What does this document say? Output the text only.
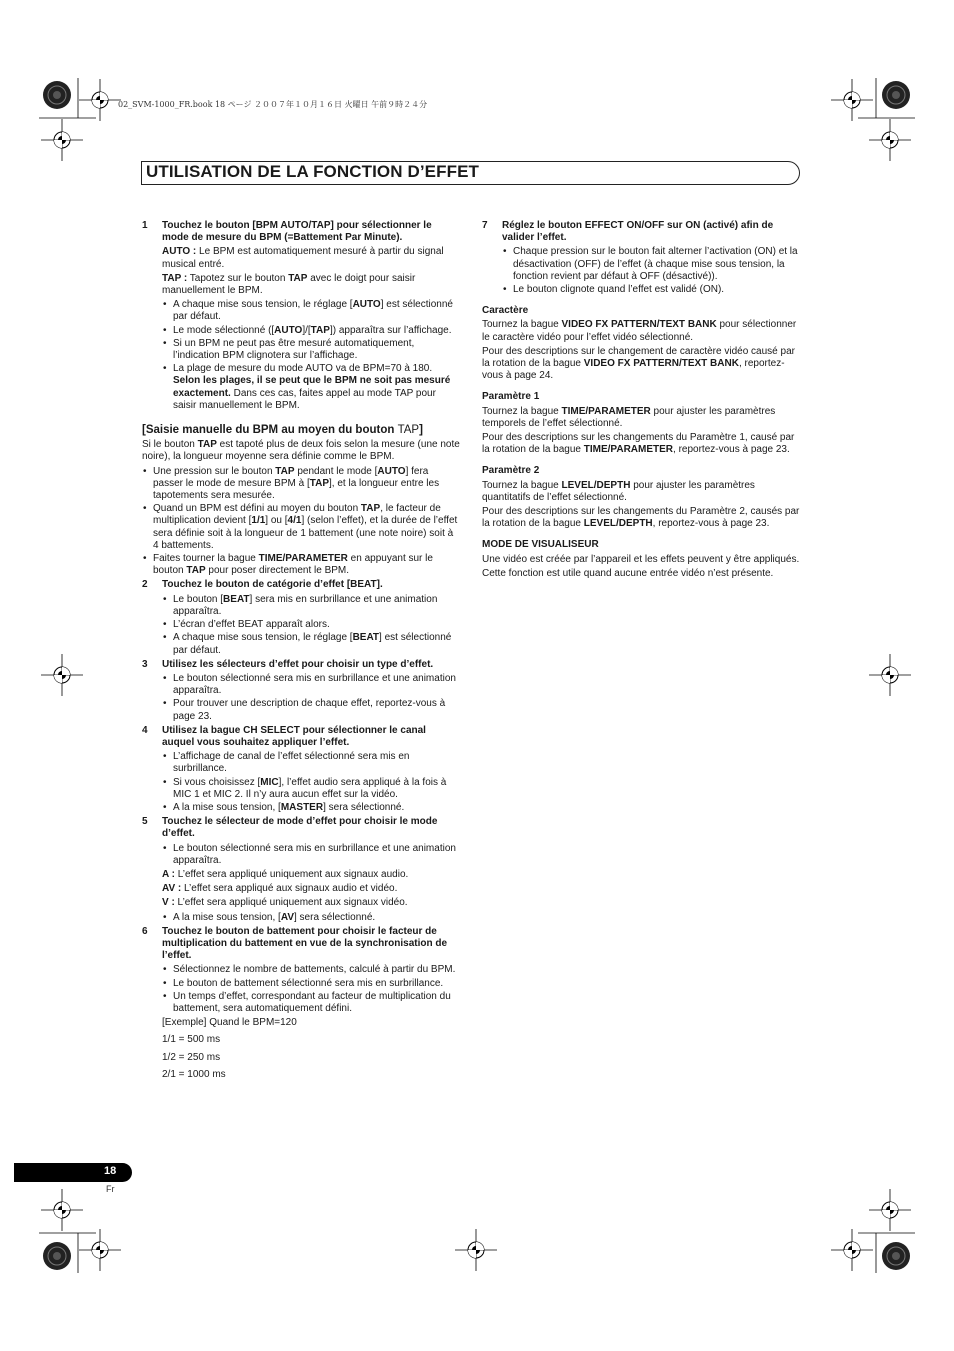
02_SVM-1000_FR.book 18 ページ ２００７年１０月１６日 火曜日 午前９時２４分
UTILISATION DE LA FONCTION D’EFFET
1 Touchez le bouton [BPM AUTO/TAP] pour sélectionner le mode de mesure du BPM (=Battement Par Minute).

AUTO : Le BPM est automatiquement mesuré à partir du signal musical entré.

TAP : Tapotez sur le bouton TAP avec le doigt pour saisir manuellement le BPM.

• A chaque mise sous tension, le réglage [AUTO] est sélectionné par défaut.
• Le mode sélectionné ([AUTO]/[TAP]) apparaîtra sur l’affichage.
• Si un BPM ne peut pas être mesuré automatiquement, l’indication BPM clignotera sur l’affichage.
• La plage de mesure du mode AUTO va de BPM=70 à 180. Selon les plages, il se peut que le BPM ne soit pas mesuré exactement. Dans ces cas, faites appel au mode TAP pour saisir manuellement le BPM.
[Saisie manuelle du BPM au moyen du bouton TAP]

Si le bouton TAP est tapoté plus de deux fois selon la mesure (une note noire), la longueur moyenne sera définie comme le BPM.

• Une pression sur le bouton TAP pendant le mode [AUTO] fera passer le mode de mesure BPM à [TAP], et la longueur entre les tapotements sera mesurée.
• Quand un BPM est défini au moyen du bouton TAP, le facteur de multiplication devient [1/1] ou [4/1] (selon l’effet), et la durée de l’effet sera définie soit à la longueur de 1 battement (une note noire) soit à 4 battements.
• Faites tourner la bague TIME/PARAMETER en appuyant sur le bouton TAP pour poser directement le BPM.
2 Touchez le bouton de catégorie d’effet [BEAT].
• Le bouton [BEAT] sera mis en surbrillance et une animation apparaîtra.
• L’écran d’effet BEAT apparaît alors.
• A chaque mise sous tension, le réglage [BEAT] est sélectionné par défaut.
3 Utilisez les sélecteurs d’effet pour choisir un type d’effet.
• Le bouton sélectionné sera mis en surbrillance et une animation apparaîtra.
• Pour trouver une description de chaque effet, reportez-vous à page 23.
4 Utilisez la bague CH SELECT pour sélectionner le canal auquel vous souhaitez appliquer l’effet.
• L’affichage de canal de l’effet sélectionné sera mis en surbrillance.
• Si vous choisissez [MIC], l’effet audio sera appliqué à la fois à MIC 1 et MIC 2. Il n’y aura aucun effet sur la vidéo.
• A la mise sous tension, [MASTER] sera sélectionné.
5 Touchez le sélecteur de mode d’effet pour choisir le mode d’effet.
• Le bouton sélectionné sera mis en surbrillance et une animation apparaîtra.

A : L’effet sera appliqué uniquement aux signaux audio.

AV : L’effet sera appliqué aux signaux audio et vidéo.

V : L’effet sera appliqué uniquement aux signaux vidéo.

• A la mise sous tension, [AV] sera sélectionné.
6 Touchez le bouton de battement pour choisir le facteur de multiplication du battement en vue de la synchronisation de l’effet.
• Sélectionnez le nombre de battements, calculé à partir du BPM.
• Le bouton de battement sélectionné sera mis en surbrillance.
• Un temps d’effet, correspondant au facteur de multiplication du battement, sera automatiquement défini.

[Exemple] Quand le BPM=120

1/1 = 500 ms

1/2 = 250 ms

2/1 = 1000 ms

7 Réglez le bouton EFFECT ON/OFF sur ON (activé) afin de valider l’effet.
• Chaque pression sur le bouton fait alterner l’activation (ON) et la désactivation (OFF) de l’effet (à chaque mise sous tension, la fonction revient par défaut à OFF (désactivé)).
• Le bouton clignote quand l’effet est validé (ON).
Caractère

Tournez la bague VIDEO FX PATTERN/TEXT BANK pour sélectionner le caractère vidéo pour l’effet vidéo sélectionné.

Pour des descriptions sur le changement de caractère vidéo causé par la rotation de la bague VIDEO FX PATTERN/TEXT BANK, reportez-vous à page 24.

Paramètre 1

Tournez la bague TIME/PARAMETER pour ajuster les paramètres temporels de l’effet sélectionné.

Pour des descriptions sur les changements du Paramètre 1, causé par la rotation de la bague TIME/PARAMETER, reportez-vous à page 23.

Paramètre 2

Tournez la bague LEVEL/DEPTH pour ajuster les paramètres quantitatifs de l’effet sélectionné.

Pour des descriptions sur les changements du Paramètre 2, causés par la rotation de la bague LEVEL/DEPTH, reportez-vous à page 23.

MODE DE VISUALISEUR

Une vidéo est créée par l’appareil et les effets peuvent y être appliqués.

Cette fonction est utile quand aucune entrée vidéo n’est présente.

18
Fr
